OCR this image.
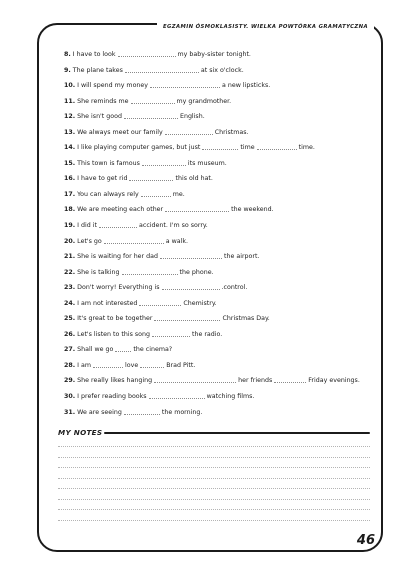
EGZAMIN ÓSMOKLASISTY. WIELKA POWTÓRKA GRAMATYCZNA
8.
I have to look	my baby-sister tonight.
9.
The plane takes	at six o'clock.
10.
I will spend my money	a new lipsticks.
11.
She reminds me	my grandmother.
12.
She isn't good	English.
13.
We always meet our family	Christmas.
14.
I like playing computer games, but just	time	time.
15.
This town is famous	its museum.
16.
I have to get rid	this old hat.
17.
You can always rely	me.
18.
We are meeting each other	the weekend.
19.
I did it	accident. I'm so sorry.
20.
Let's go	a walk.
21.
She is waiting for her dad	the airport.
22.
She is talking	the phone.
23.
Don't worry! Everything is	.control.
24.
I am not interested	Chemistry.
25.
It's great to be together	Christmas Day.
26.
Let's listen to this song	the radio.
27.
Shall we go	the cinema?
28.
I am	love	Brad Pitt.
29.
She really likes hanging	her friends	Friday evenings.
30.
I prefer reading books	watching films.
31.
We are seeing	the morning.
MY NOTES
46
